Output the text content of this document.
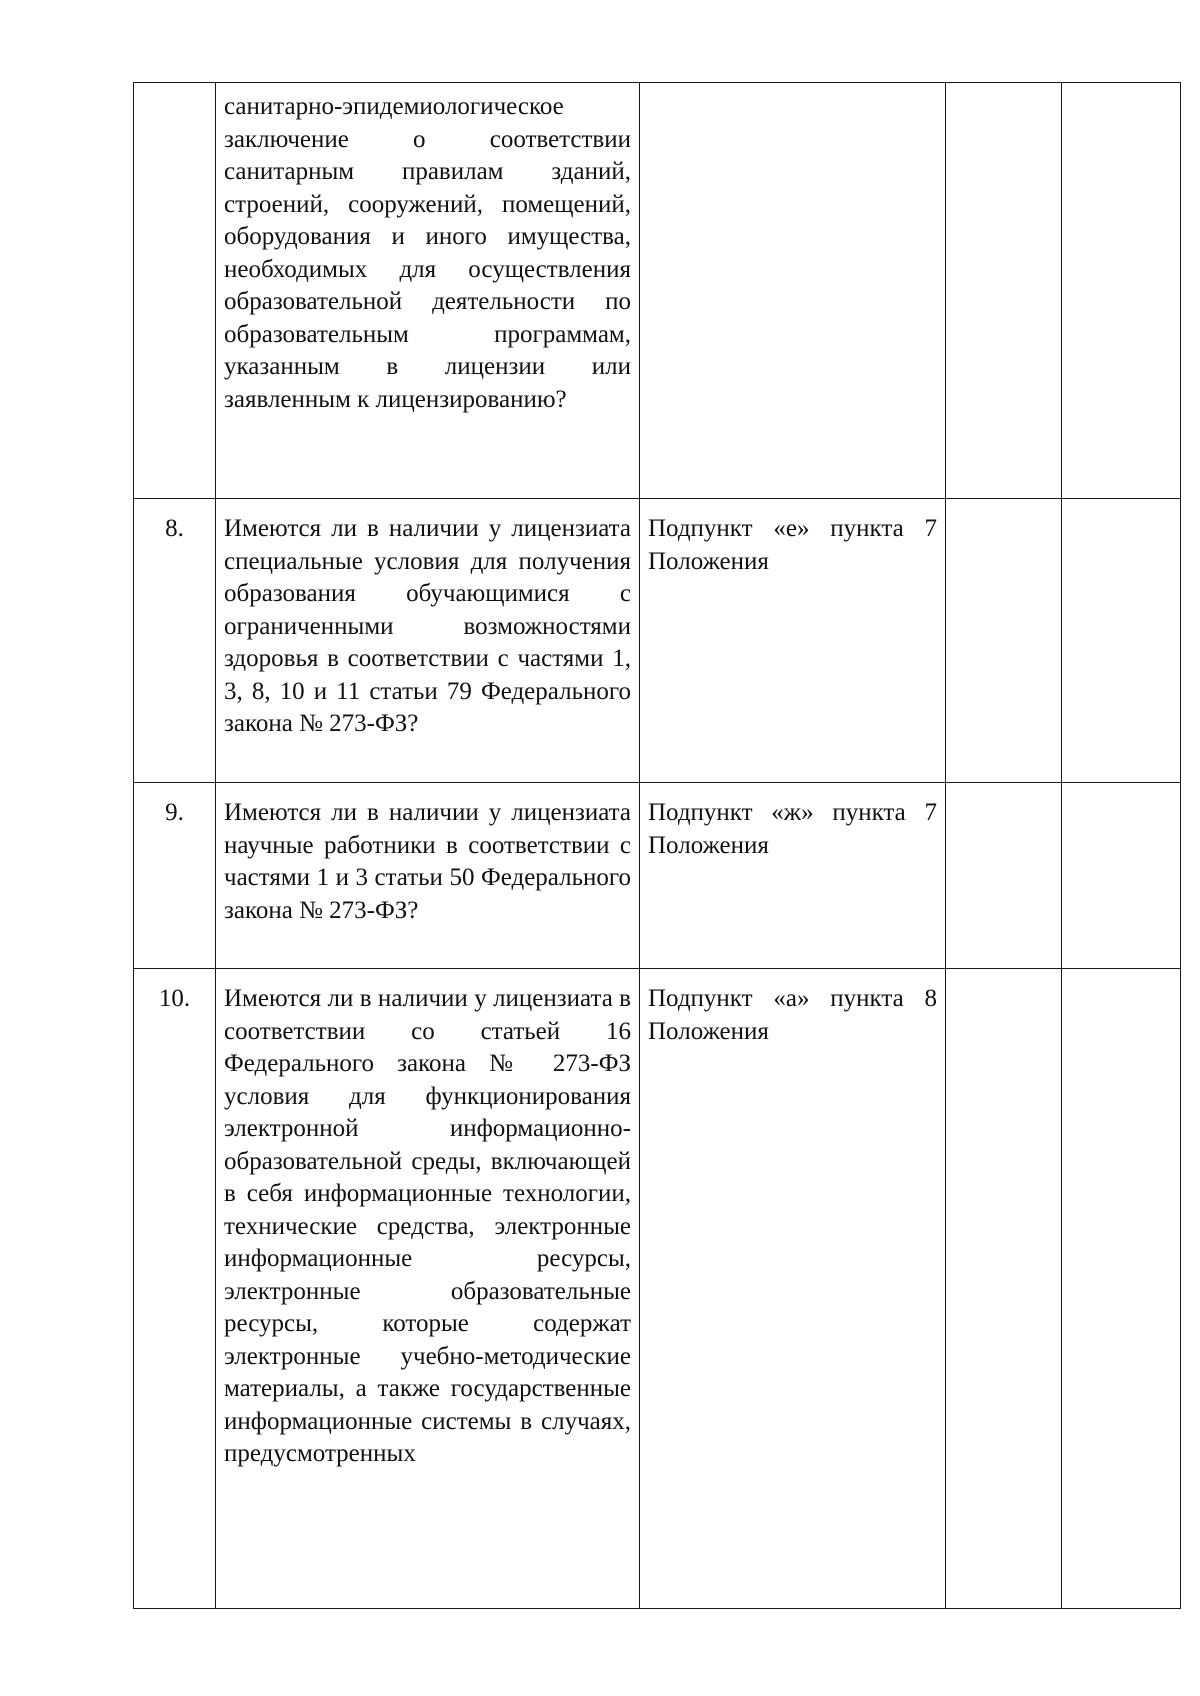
	санитарно-эпидемиологическое заключение о соответствии санитарным правилам зданий, строений, сооружений, помещений, оборудования и иного имущества, необходимых для осуществления образовательной деятельности по образовательным программам, указанным в лицензии или заявленным к лицензированию?			
8.	Имеются ли в наличии у лицензиата специальные условия для получения образования обучающимися с ограниченными возможностями здоровья в соответствии с частями 1, 3, 8, 10 и 11 статьи 79 Федерального закона № 273-ФЗ?	Подпункт «е» пункта 7 Положения		
9.	Имеются ли в наличии у лицензиата научные работники в соответствии с частями 1 и 3 статьи 50 Федерального закона № 273-ФЗ?	Подпункт «ж» пункта 7 Положения		
10.	Имеются ли в наличии у лицензиата в соответствии со статьей 16 Федерального закона № 273-ФЗ условия для функционирования электронной информационно-образовательной среды, включающей в себя информационные технологии, технические средства, электронные информационные ресурсы, электронные образовательные ресурсы, которые содержат электронные учебно-методические материалы, а также государственные информационные системы в случаях, предусмотренных	Подпункт «а» пункта 8 Положения		
